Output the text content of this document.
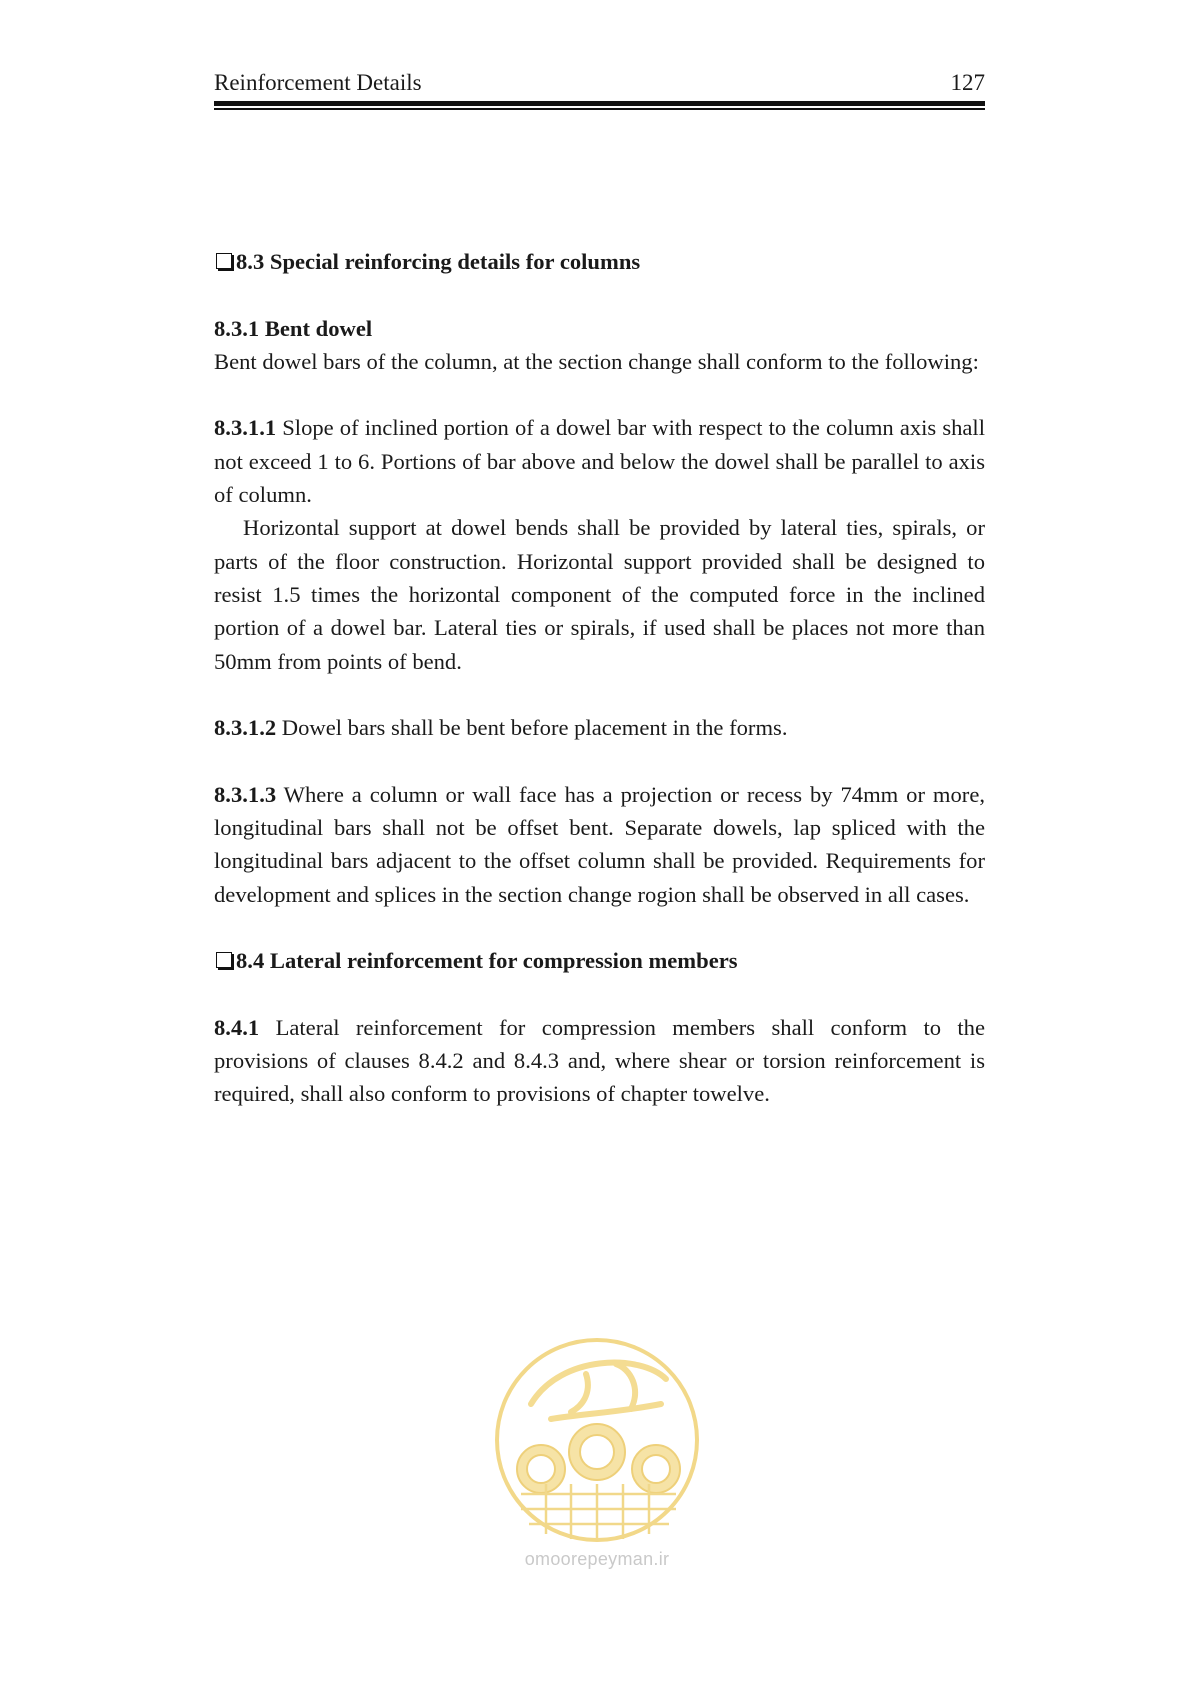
Reinforcement Details	127
8.3 Special reinforcing details for columns

8.3.1 Bent dowel

Bent dowel bars of the column, at the section change shall conform to the following:

8.3.1.1 Slope of inclined portion of a dowel bar with respect to the column axis shall not exceed 1 to 6. Portions of bar above and below the dowel shall be parallel to axis of column.

Horizontal support at dowel bends shall be provided by lateral ties, spirals, or parts of the floor construction. Horizontal support provided shall be designed to resist 1.5 times the horizontal component of the computed force in the inclined portion of a dowel bar. Lateral ties or spirals, if used shall be places not more than 50mm from points of bend.

8.3.1.2 Dowel bars shall be bent before placement in the forms.

8.3.1.3 Where a column or wall face has a projection or recess by 74mm or more, longitudinal bars shall not be offset bent. Separate dowels, lap spliced with the longitudinal bars adjacent to the offset column shall be provided. Requirements for development and splices in the section change rogion shall be observed in all cases.

8.4 Lateral reinforcement for compression members

8.4.1 Lateral reinforcement for compression members shall conform to the provisions of clauses 8.4.2 and 8.4.3 and, where shear or torsion reinforcement is required, shall also conform to provisions of chapter towelve.

omoorepeyman.ir
